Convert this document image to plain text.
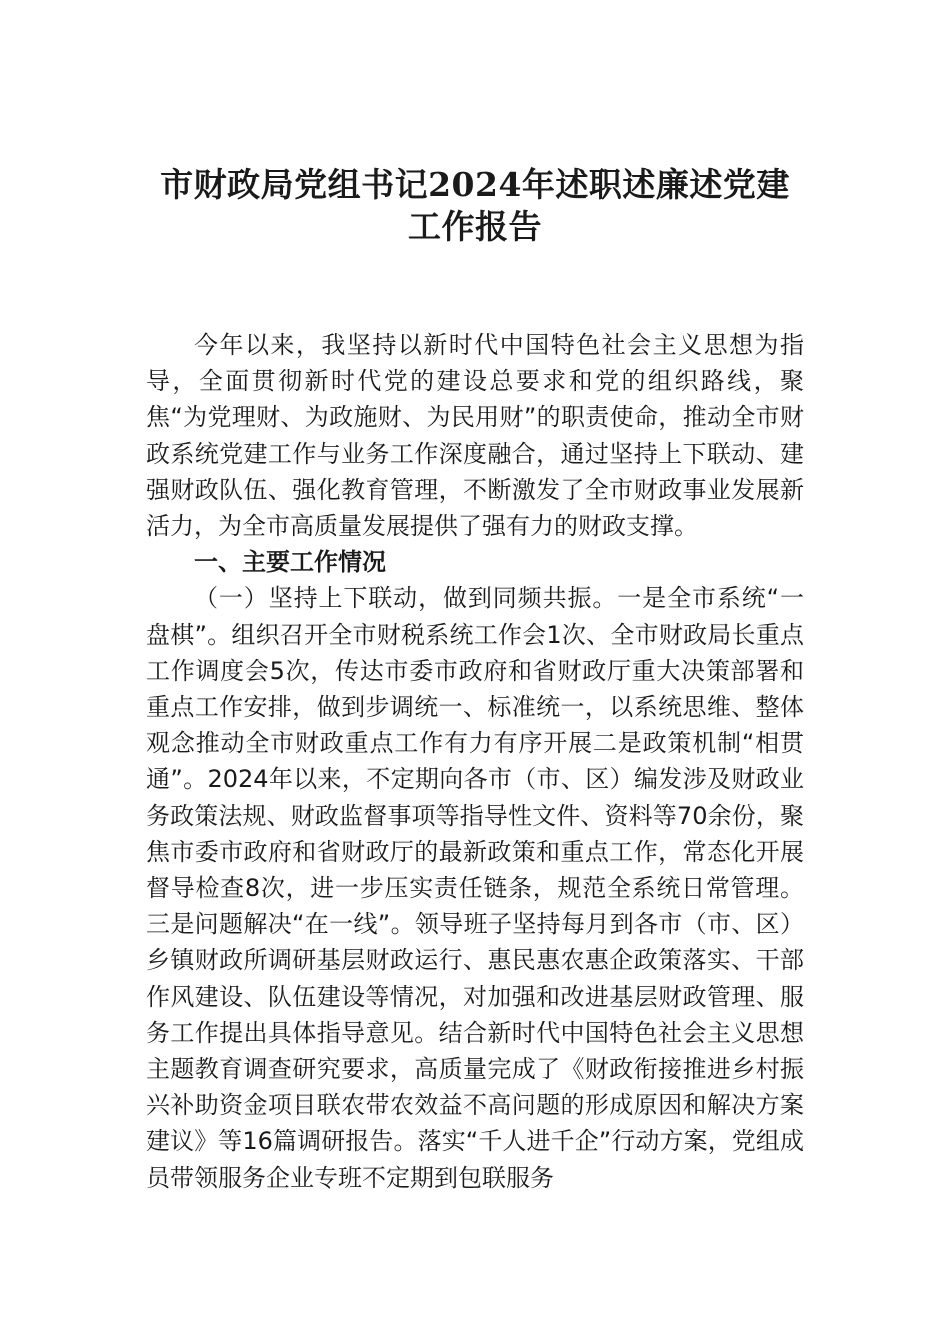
市财政局党组书记2024年述职述廉述党建
工作报告

今年以来，我坚持以新时代中国特色社会主义思想为指导，全面贯彻新时代党的建设总要求和党的组织路线，聚焦“为党理财、为政施财、为民用财”的职责使命，推动全市财政系统党建工作与业务工作深度融合，通过坚持上下联动、建强财政队伍、强化教育管理，不断激发了全市财政事业发展新活力，为全市高质量发展提供了强有力的财政支撑。

一、主要工作情况

（一）坚持上下联动，做到同频共振。一是全市系统“一盘棋”。组织召开全市财税系统工作会1次、全市财政局长重点工作调度会5次，传达市委市政府和省财政厅重大决策部署和重点工作安排，做到步调统一、标准统一，以系统思维、整体观念推动全市财政重点工作有力有序开展二是政策机制“相贯通”。2024年以来，不定期向各市（市、区）编发涉及财政业务政策法规、财政监督事项等指导性文件、资料等70余份，聚焦市委市政府和省财政厅的最新政策和重点工作，常态化开展督导检查8次，进一步压实责任链条，规范全系统日常管理。三是问题解决“在一线”。领导班子坚持每月到各市（市、区）乡镇财政所调研基层财政运行、惠民惠农惠企政策落实、干部作风建设、队伍建设等情况，对加强和改进基层财政管理、服务工作提出具体指导意见。结合新时代中国特色社会主义思想主题教育调查研究要求，高质量完成了《财政衔接推进乡村振兴补助资金项目联农带农效益不高问题的形成原因和解决方案建议》等16篇调研报告。落实“千人进千企”行动方案，党组成员带领服务企业专班不定期到包联服务
